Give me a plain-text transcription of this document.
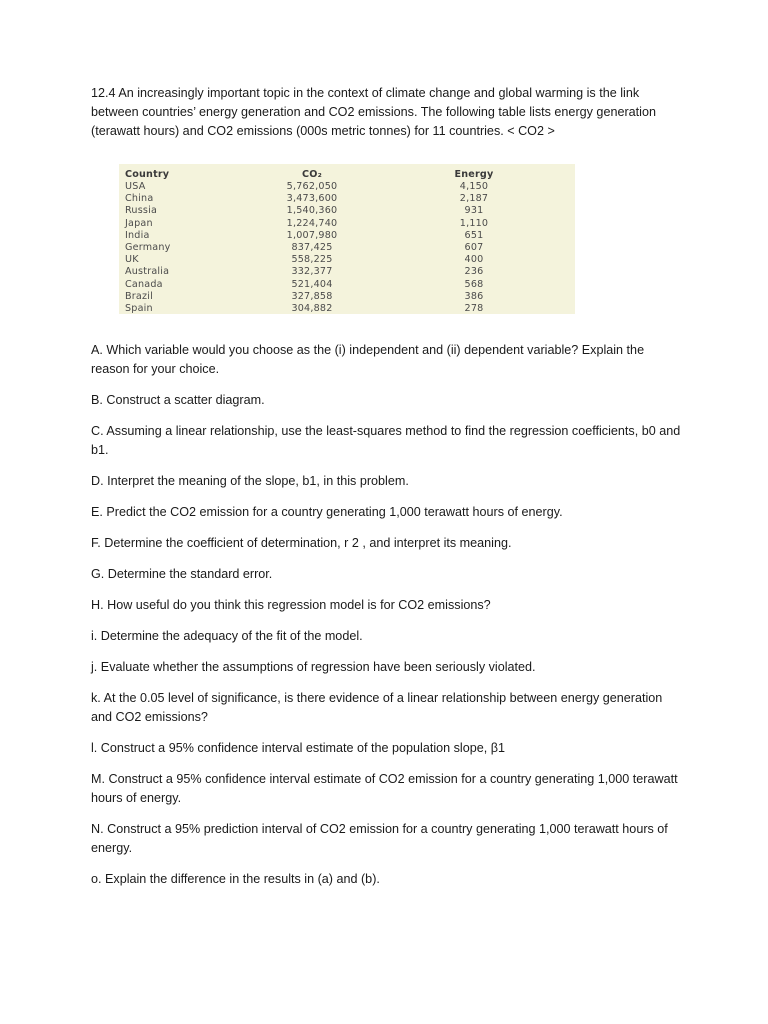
12.4 An increasingly important topic in the context of climate change and global warming is the link between countries’ energy generation and CO2 emissions. The following table lists energy generation (terawatt hours) and CO2 emissions (000s metric tonnes) for 11 countries. < CO2 >

Country
USA
China
Russia
Japan
India
Germany
UK
Australia
Canada
Brazil
Spain
CO₂
5,762,050
3,473,600
1,540,360
1,224,740
1,007,980
837,425
558,225
332,377
521,404
327,858
304,882
Energy
4,150
2,187
931
1,110
651
607
400
236
568
386
278

A. Which variable would you choose as the (i) independent and (ii) dependent variable? Explain the reason for your choice.

B. Construct a scatter diagram.

C. Assuming a linear relationship, use the least-squares method to find the regression coefficients, b0 and b1.

D. Interpret the meaning of the slope, b1, in this problem.

E. Predict the CO2 emission for a country generating 1,000 terawatt hours of energy.

F. Determine the coefficient of determination, r 2 , and interpret its meaning.

G. Determine the standard error.

H. How useful do you think this regression model is for CO2 emissions?

i. Determine the adequacy of the fit of the model.

j. Evaluate whether the assumptions of regression have been seriously violated.

k. At the 0.05 level of significance, is there evidence of a linear relationship between energy generation and CO2 emissions?

l. Construct a 95% confidence interval estimate of the population slope, β1

M. Construct a 95% confidence interval estimate of CO2 emission for a country generating 1,000 terawatt hours of energy.

N. Construct a 95% prediction interval of CO2 emission for a country generating 1,000 terawatt hours of energy.

o. Explain the difference in the results in (a) and (b).
